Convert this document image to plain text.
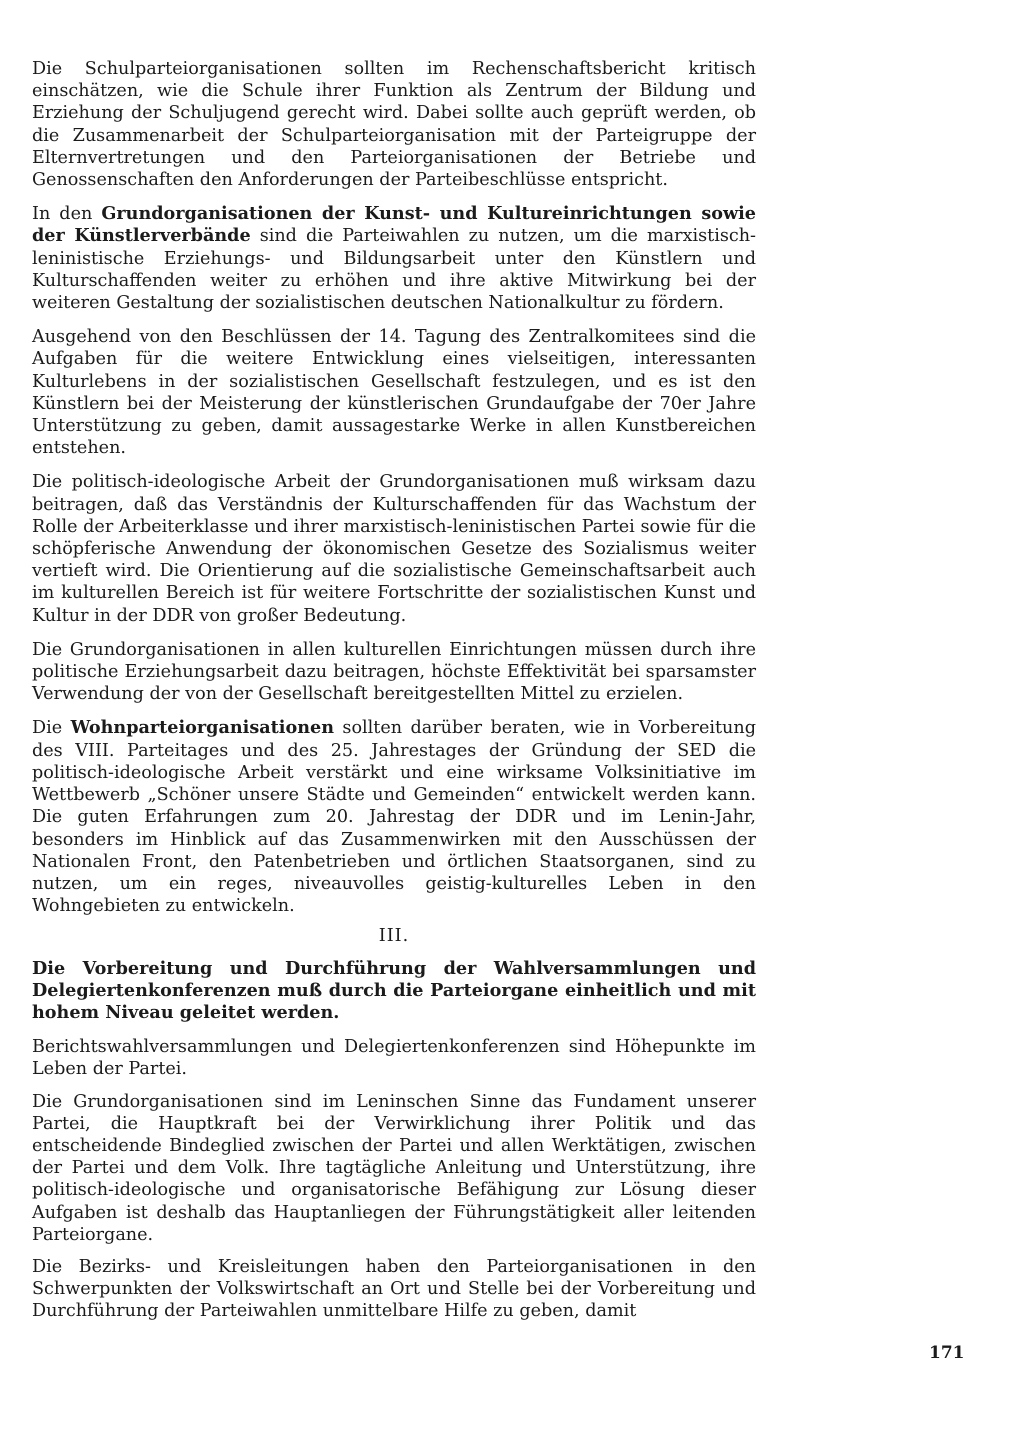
Die Schulparteiorganisationen sollten im Rechenschaftsbericht kritisch einschätzen, wie die Schule ihrer Funktion als Zentrum der Bildung und Erziehung der Schuljugend gerecht wird. Dabei sollte auch geprüft werden, ob die Zusammenarbeit der Schulparteiorganisation mit der Parteigruppe der Elternvertretungen und den Parteiorganisationen der Betriebe und Genossenschaften den Anforderungen der Parteibeschlüsse entspricht.

In den Grundorganisationen der Kunst- und Kultureinrichtungen sowie der Künstlerverbände sind die Parteiwahlen zu nutzen, um die marxistisch-leninistische Erziehungs- und Bildungsarbeit unter den Künstlern und Kulturschaffenden weiter zu erhöhen und ihre aktive Mitwirkung bei der weiteren Gestaltung der sozialistischen deutschen Nationalkultur zu fördern.

Ausgehend von den Beschlüssen der 14. Tagung des Zentralkomitees sind die Aufgaben für die weitere Entwicklung eines vielseitigen, interessanten Kulturlebens in der sozialistischen Gesellschaft festzulegen, und es ist den Künstlern bei der Meisterung der künstlerischen Grundaufgabe der 70er Jahre Unterstützung zu geben, damit aussagestarke Werke in allen Kunstbereichen entstehen.

Die politisch-ideologische Arbeit der Grundorganisationen muß wirksam dazu beitragen, daß das Verständnis der Kulturschaffenden für das Wachstum der Rolle der Arbeiterklasse und ihrer marxistisch-leninistischen Partei sowie für die schöpferische Anwendung der ökonomischen Gesetze des Sozialismus weiter vertieft wird. Die Orientierung auf die sozialistische Gemeinschaftsarbeit auch im kulturellen Bereich ist für weitere Fortschritte der sozialistischen Kunst und Kultur in der DDR von großer Bedeutung.

Die Grundorganisationen in allen kulturellen Einrichtungen müssen durch ihre politische Erziehungsarbeit dazu beitragen, höchste Effektivität bei sparsamster Verwendung der von der Gesellschaft bereitgestellten Mittel zu erzielen.

Die Wohnparteiorganisationen sollten darüber beraten, wie in Vorbereitung des VIII. Parteitages und des 25. Jahrestages der Gründung der SED die politisch-ideologische Arbeit verstärkt und eine wirksame Volksinitiative im Wettbewerb „Schöner unsere Städte und Gemeinden“ entwickelt werden kann. Die guten Erfahrungen zum 20. Jahrestag der DDR und im Lenin-Jahr, besonders im Hinblick auf das Zusammenwirken mit den Ausschüssen der Nationalen Front, den Patenbetrieben und örtlichen Staatsorganen, sind zu nutzen, um ein reges, niveauvolles geistig-kulturelles Leben in den Wohngebieten zu entwickeln.

III.

Die Vorbereitung und Durchführung der Wahlversammlungen und Delegiertenkonferenzen muß durch die Parteiorgane einheitlich und mit hohem Niveau geleitet werden.

Berichtswahlversammlungen und Delegiertenkonferenzen sind Höhepunkte im Leben der Partei.

Die Grundorganisationen sind im Leninschen Sinne das Fundament unserer Partei, die Hauptkraft bei der Verwirklichung ihrer Politik und das entscheidende Bindeglied zwischen der Partei und allen Werktätigen, zwischen der Partei und dem Volk. Ihre tagtägliche Anleitung und Unterstützung, ihre politisch-ideologische und organisatorische Befähigung zur Lösung dieser Aufgaben ist deshalb das Hauptanliegen der Führungstätigkeit aller leitenden Parteiorgane.

Die Bezirks- und Kreisleitungen haben den Parteiorganisationen in den Schwerpunkten der Volkswirtschaft an Ort und Stelle bei der Vorbereitung und Durchführung der Parteiwahlen unmittelbare Hilfe zu geben, damit

171
